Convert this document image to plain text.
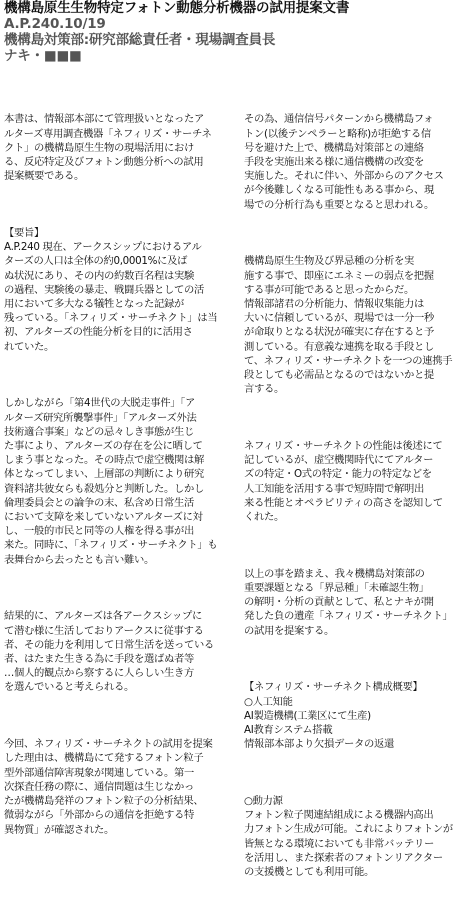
機構島原生生物特定フォトン動態分析機器の試用提案文書
A.P.240.10/19
機構島対策部:研究部総責任者・現場調査員長
ナキ・■■■

本書は、情報部本部にて管理扱いとなったア
ルターズ専用調査機器「ネフィリズ・サーチネ
クト」の機構島原生生物の現場活用におけ
る、反応特定及びフォトン動態分析への試用
提案概要である。

【要旨】
A.P.240 現在、アークスシップにおけるアル
ターズの人口は全体の約0,0001%に及ば
ぬ状況にあり、その内の約数百名程は実験
の過程、実験後の暴走、戦闘兵器としての活
用において多大なる犠牲となった記録が
残っている。「ネフィリズ・サーチネクト」は当
初、アルターズの性能分析を目的に活用さ
れていた。

しかしながら「第4世代の大脱走事件」「ア
ルターズ研究所襲撃事件」「アルターズ外法
技術適合事案」などの忌々しき事態が生じ
た事により、アルターズの存在を公に晒して
しまう事となった。その時点で虚空機関は解
体となってしまい、上層部の判断により研究
資料諸共彼女らも殺処分と判断した。しかし
倫理委員会との論争の末、私含め日常生活
において支障を来していないアルターズに対
し、一般的市民と同等の人権を得る事が出
来た。同時に、「ネフィリズ・サーチネクト」も
表舞台から去ったとも言い難い。

結果的に、アルターズは各アークスシップに
て潜む様に生活しておりアークスに従事する
者、その能力を利用して日常生活を送っている
者、はたまた生きる為に手段を選ばぬ者等
…個人的観点から察するに人らしい生き方
を選んでいると考えられる。

今回、ネフィリズ・サーチネクトの試用を提案
した理由は、機構島にて発するフォトン粒子
型外部通信障害現象が関連している。第一
次探査任務の際に、通信問題は生じなかっ
たが機構島発祥のフォトン粒子の分析結果、
微弱ながら「外部からの通信を拒絶する特
異物質」が確認された。

その為、通信信号パターンから機構島フォ
トン(以後テンペラーと略称)が拒絶する信
号を避けた上で、機構島対策部との連絡
手段を実施出来る様に通信機構の改変を
実施した。それに伴い、外部からのアクセス
が今後難しくなる可能性もある事から、現
場での分析行為も重要となると思われる。

機構島原生生物及び界忌種の分析を実
施する事で、即座にエネミーの弱点を把握
する事が可能であると思ったからだ。
情報部諸君の分析能力、情報収集能力は
大いに信頼しているが、現場では一分一秒
が命取りとなる状況が確実に存在すると予
測している。有意義な連携を取る手段とし
て、ネフィリズ・サーチネクトを一つの連携手
段としても必需品となるのではないかと提
言する。

ネフィリズ・サーチネクトの性能は後述にて
記しているが、虚空機関時代にてアルター
ズの特定・O式の特定・能力の特定などを
人工知能を活用する事で短時間で解明出
来る性能とオペラビリティの高さを認知して
くれた。

以上の事を踏まえ、我々機構島対策部の
重要課題となる「界忌種」「未確認生物」
の解明・分析の貢献として、私とナキが開
発した負の遺産「ネフィリズ・サーチネクト」
の試用を提案する。

【ネフィリズ・サーチネクト構成概要】
○人工知能
AI製造機構(工業区にて生産)
AI教育システム搭載
情報部本部より欠損データの返還

○動力源
フォトン粒子関連結組成による機器内高出
力フォトン生成が可能。これによりフォトンが
皆無となる環境においても非常バッテリー
を活用し、また探索者のフォトンリアクター
の支援機としても利用可能。
